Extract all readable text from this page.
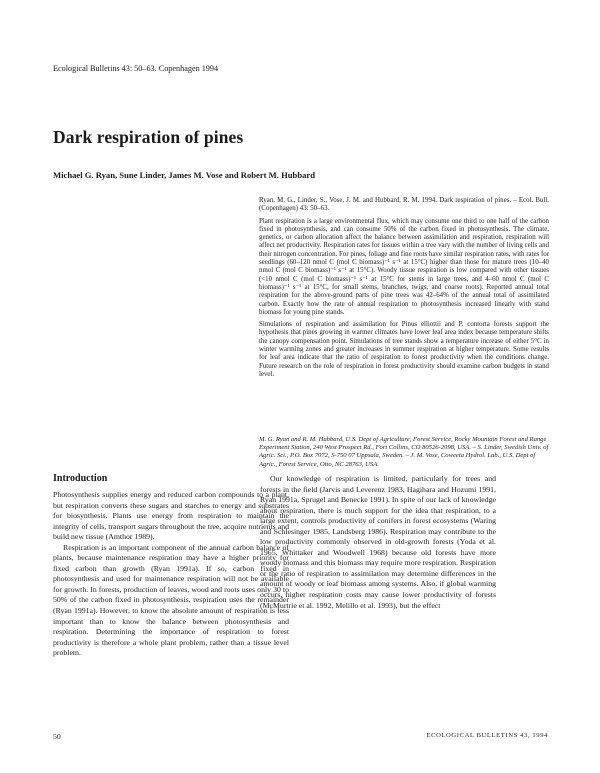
Ecological Bulletins 43: 50–63. Copenhagen 1994
Dark respiration of pines
Michael G. Ryan, Sune Linder, James M. Vose and Robert M. Hubbard

Ryan, M. G., Linder, S., Vose, J. M. and Hubbard, R. M. 1994. Dark respiration of pines. – Ecol. Bull. (Copenhagen) 43: 50–63.

Plant respiration is a large environmental flux, which may consume one third to one half of the carbon fixed in photosynthesis, and can consume 50% of the carbon fixed in photosynthesis. The climate, genetics, or carbon allocation affect the balance between assimilation and respiration, respiration will affect net productivity. Respiration rates for tissues within a tree vary with the number of living cells and their nitrogen concentration. For pines, foliage and fine roots have similar respiration rates, with rates for seedlings (60–120 nmol C (mol C biomass)⁻¹ s⁻¹ at 15°C) higher than those for mature trees (10–40 nmol C (mol C biomass)⁻¹ s⁻¹ at 15°C). Woody tissue respiration is low compared with other tissues (<10 nmol C (mol C biomass)⁻¹ s⁻¹ at 15°C for stems in large trees, and 4–60 nmol C (mol C biomass)⁻¹ s⁻¹ at 15°C, for small stems, branches, twigs, and coarse roots). Reported annual total respiration for the above-ground parts of pine trees was 42–64% of the annual total of assimilated carbon. Exactly how the rate of annual respiration to photosynthesis increased linearly with stand biomass for young pine stands.

Simulations of respiration and assimilation for Pinus elliottii and P. contorta forests support the hypothesis that pines growing in warmer climates have lower leaf area index because temperature shifts the canopy compensation point. Simulations of tree stands show a temperature increase of either 5°C in winter warming zones and greater increases in summer respiration at higher temperature. Some results for leaf area indicate that the ratio of respiration to forest productivity when the conditions change. Future research on the role of respiration in forest productivity should examine carbon budgets in stand level.

M. G. Ryan and R. M. Hubbard, U.S. Dept of Agriculture, Forest Service, Rocky Mountain Forest and Range Experiment Station, 240 West Prospect Rd., Fort Collins, CO 80526-2098, USA. – S. Linder, Swedish Univ. of Agric. Sci., P.O. Box 7072, S-750 07 Uppsala, Sweden. – J. M. Vose, Coweeta Hydrol. Lab., U.S. Dept of Agric., Forest Service, Otto, NC 28763, USA.
Introduction

Photosynthesis supplies energy and reduced carbon compounds to a plant, but respiration converts these sugars and starches to energy and substrates for biosynthesis. Plants use energy from respiration to maintain the integrity of cells, transport sugars throughout the tree, acquire nutrients and build new tissue (Amthor 1989).

Respiration is an important component of the annual carbon balance of plants, because maintenance respiration may have a higher priority for fixed carbon than growth (Ryan 1991a). If so, carbon fixed in photosynthesis and used for maintenance respiration will not be available for growth. In forests, production of leaves, wood and roots uses only 30 to 50% of the carbon fixed in photosynthesis, respiration uses the remainder (Ryan 1991a). However, to know the absolute amount of respiration is less important than to know the balance between photosynthesis and respiration. Determining the importance of respiration to forest productivity is therefore a whole plant problem, rather than a tissue level problem.

Our knowledge of respiration is limited, particularly for trees and forests in the field (Jarvis and Leverenz 1983, Hagihara and Hozumi 1991, Ryan 1991a, Sprugel and Benecke 1991). In spite of our lack of knowledge about respiration, there is much support for the idea that respiration, to a large extent, controls productivity of conifers in forest ecosystems (Waring and Schlesinger 1985, Landsberg 1986). Respiration may contribute to the low productivity commonly observed in old-growth forests (Yoda et al. 1965, Whittaker and Woodwell 1968) because old forests have more woody biomass and this biomass may require more respiration. Respiration or the ratio of respiration to assimilation may determine differences in the amount of woody or leaf biomass among systems. Also, if global warming occurs, higher respiration costs may cause lower productivity of forests (McMurtrie et al. 1992, Melillo et al. 1993), but the effect

50	ECOLOGICAL BULLETINS 43, 1994
